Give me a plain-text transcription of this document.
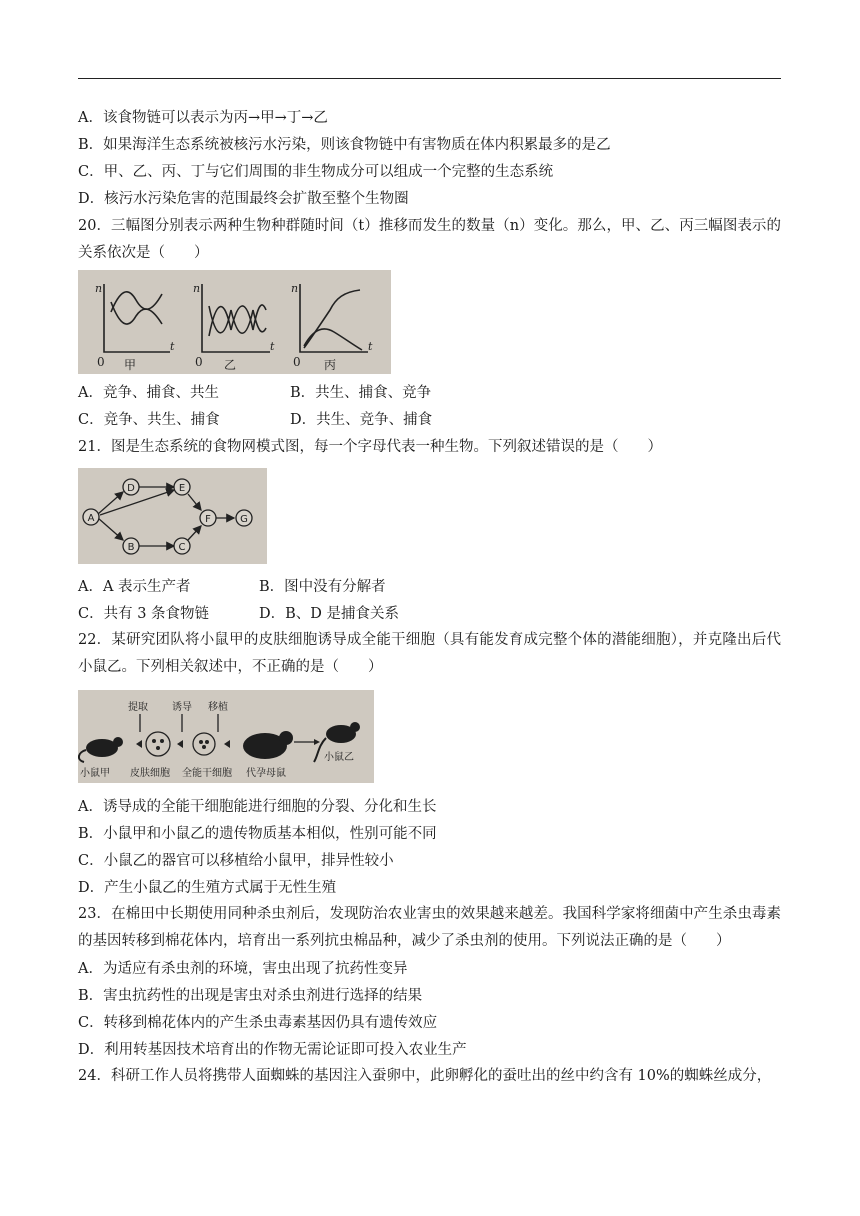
A．该食物链可以表示为丙→甲→丁→乙
B．如果海洋生态系统被核污水污染，则该食物链中有害物质在体内积累最多的是乙
C．甲、乙、丙、丁与它们周围的非生物成分可以组成一个完整的生态系统
D．核污水污染危害的范围最终会扩散至整个生物圈
20．三幅图分别表示两种生物种群随时间（t）推移而发生的数量（n）变化。那么，甲、乙、丙三幅图表示的关系依次是（　　）
n
t
n
t
n
t
0	0	0
甲	乙	丙
A．竞争、捕食、共生	B．共生、捕食、竞争
C．竞争、共生、捕食	D．共生、竞争、捕食
21．图是生态系统的食物网模式图，每一个字母代表一种生物。下列叙述错误的是（　　）
A
B	C
D	E
F	G
A．A 表示生产者	B．图中没有分解者
C．共有 3 条食物链	D．B、D 是捕食关系
22．某研究团队将小鼠甲的皮肤细胞诱导成全能干细胞（具有能发育成完整个体的潜能细胞），并克隆出后代小鼠乙。下列相关叙述中，不正确的是（　　）
提取 诱导 移植
小鼠甲 皮肤细胞 全能干细胞 代孕母鼠
小鼠乙
A．诱导成的全能干细胞能进行细胞的分裂、分化和生长
B．小鼠甲和小鼠乙的遗传物质基本相似，性别可能不同
C．小鼠乙的器官可以移植给小鼠甲，排异性较小
D．产生小鼠乙的生殖方式属于无性生殖
23．在棉田中长期使用同种杀虫剂后，发现防治农业害虫的效果越来越差。我国科学家将细菌中产生杀虫毒素的基因转移到棉花体内，培育出一系列抗虫棉品种，减少了杀虫剂的使用。下列说法正确的是（　　）
A．为适应有杀虫剂的环境，害虫出现了抗药性变异
B．害虫抗药性的出现是害虫对杀虫剂进行选择的结果
C．转移到棉花体内的产生杀虫毒素基因仍具有遗传效应
D．利用转基因技术培育出的作物无需论证即可投入农业生产
24．科研工作人员将携带人面蜘蛛的基因注入蚕卵中，此卵孵化的蚕吐出的丝中约含有 10%的蜘蛛丝成分，
